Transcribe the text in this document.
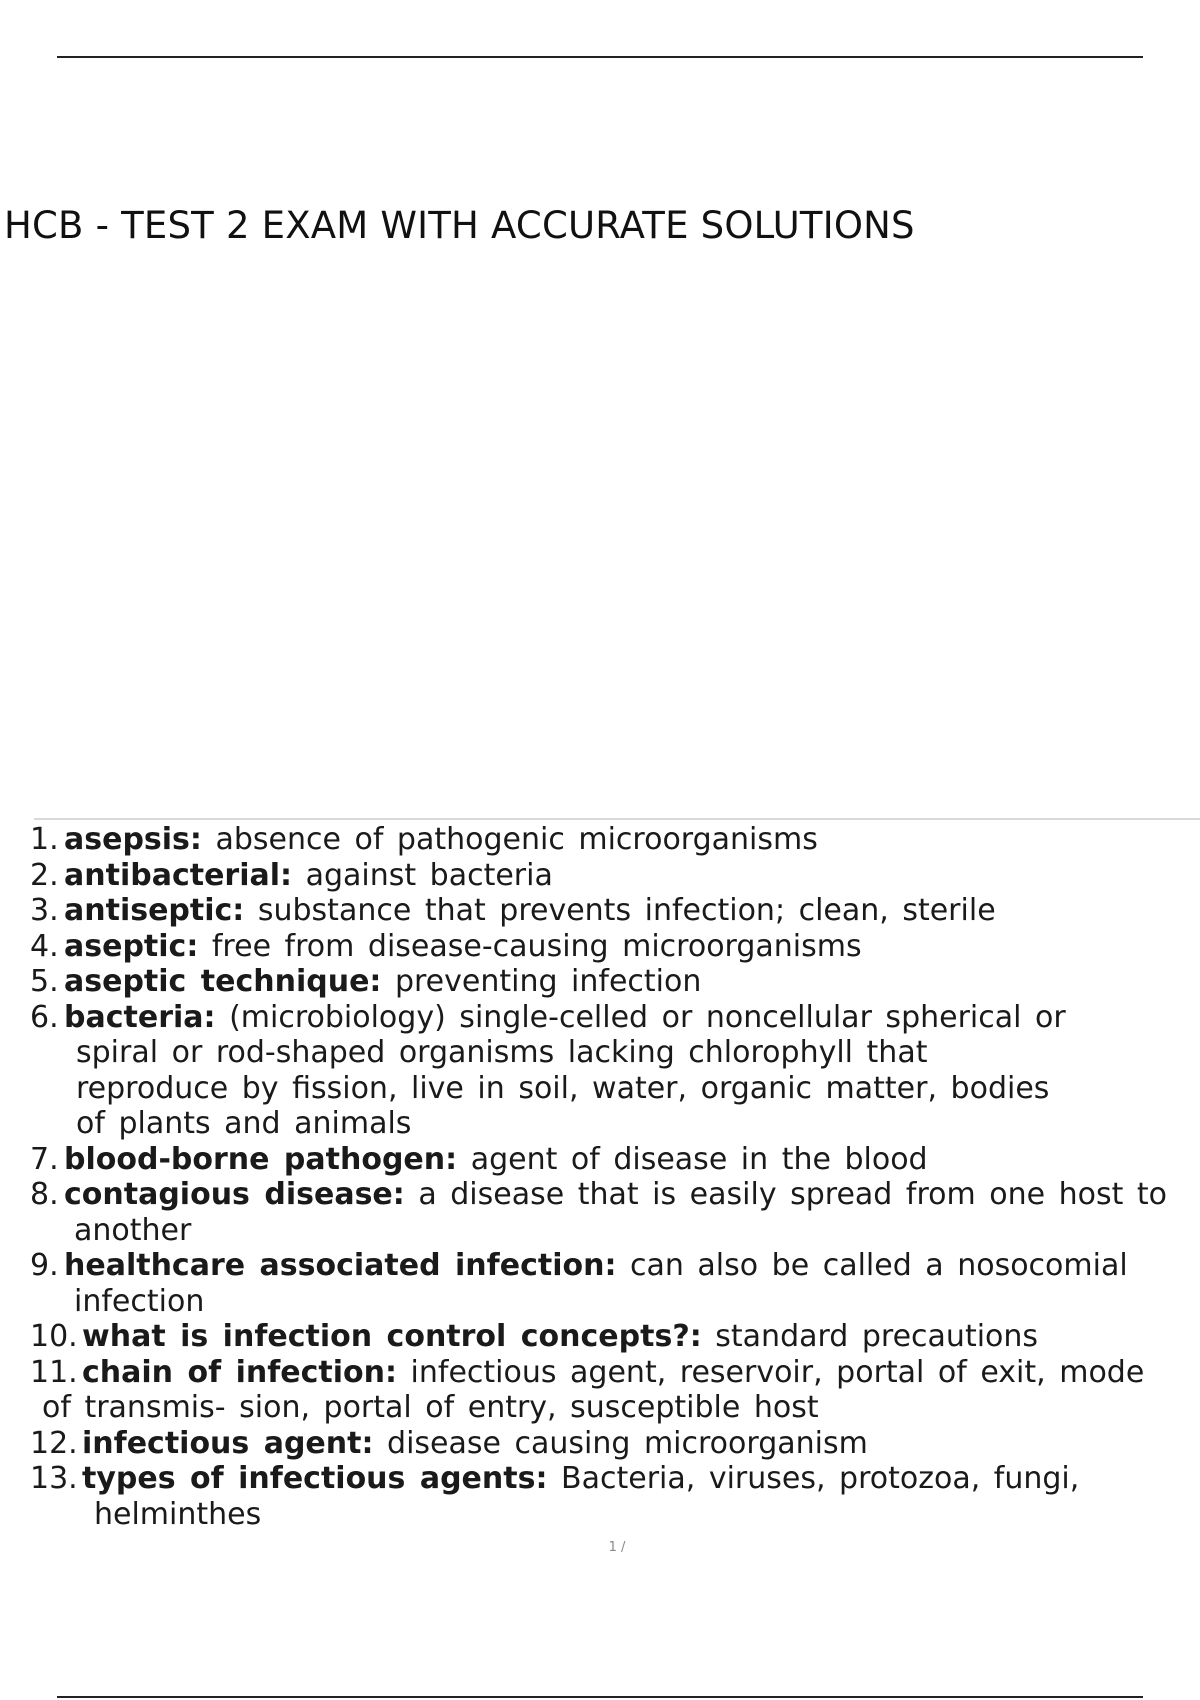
HCB - TEST 2 EXAM WITH ACCURATE SOLUTIONS
1. asepsis: absence of pathogenic microorganisms
2. antibacterial: against bacteria
3. antiseptic: substance that prevents infection; clean, sterile
4. aseptic: free from disease-causing microorganisms
5. aseptic technique: preventing infection
6. bacteria: (microbiology) single-celled or noncellular spherical or
spiral or rod-shaped organisms lacking chlorophyll that
reproduce by fission, live in soil, water, organic matter, bodies
of plants and animals
7. blood-borne pathogen: agent of disease in the blood
8. contagious disease: a disease that is easily spread from one host to
another
9. healthcare associated infection: can also be called a nosocomial
infection
10. what is infection control concepts?: standard precautions
11. chain of infection: infectious agent, reservoir, portal of exit, mode
of transmis- sion, portal of entry, susceptible host
12. infectious agent: disease causing microorganism
13. types of infectious agents: Bacteria, viruses, protozoa, fungi,
helminthes
1 /
